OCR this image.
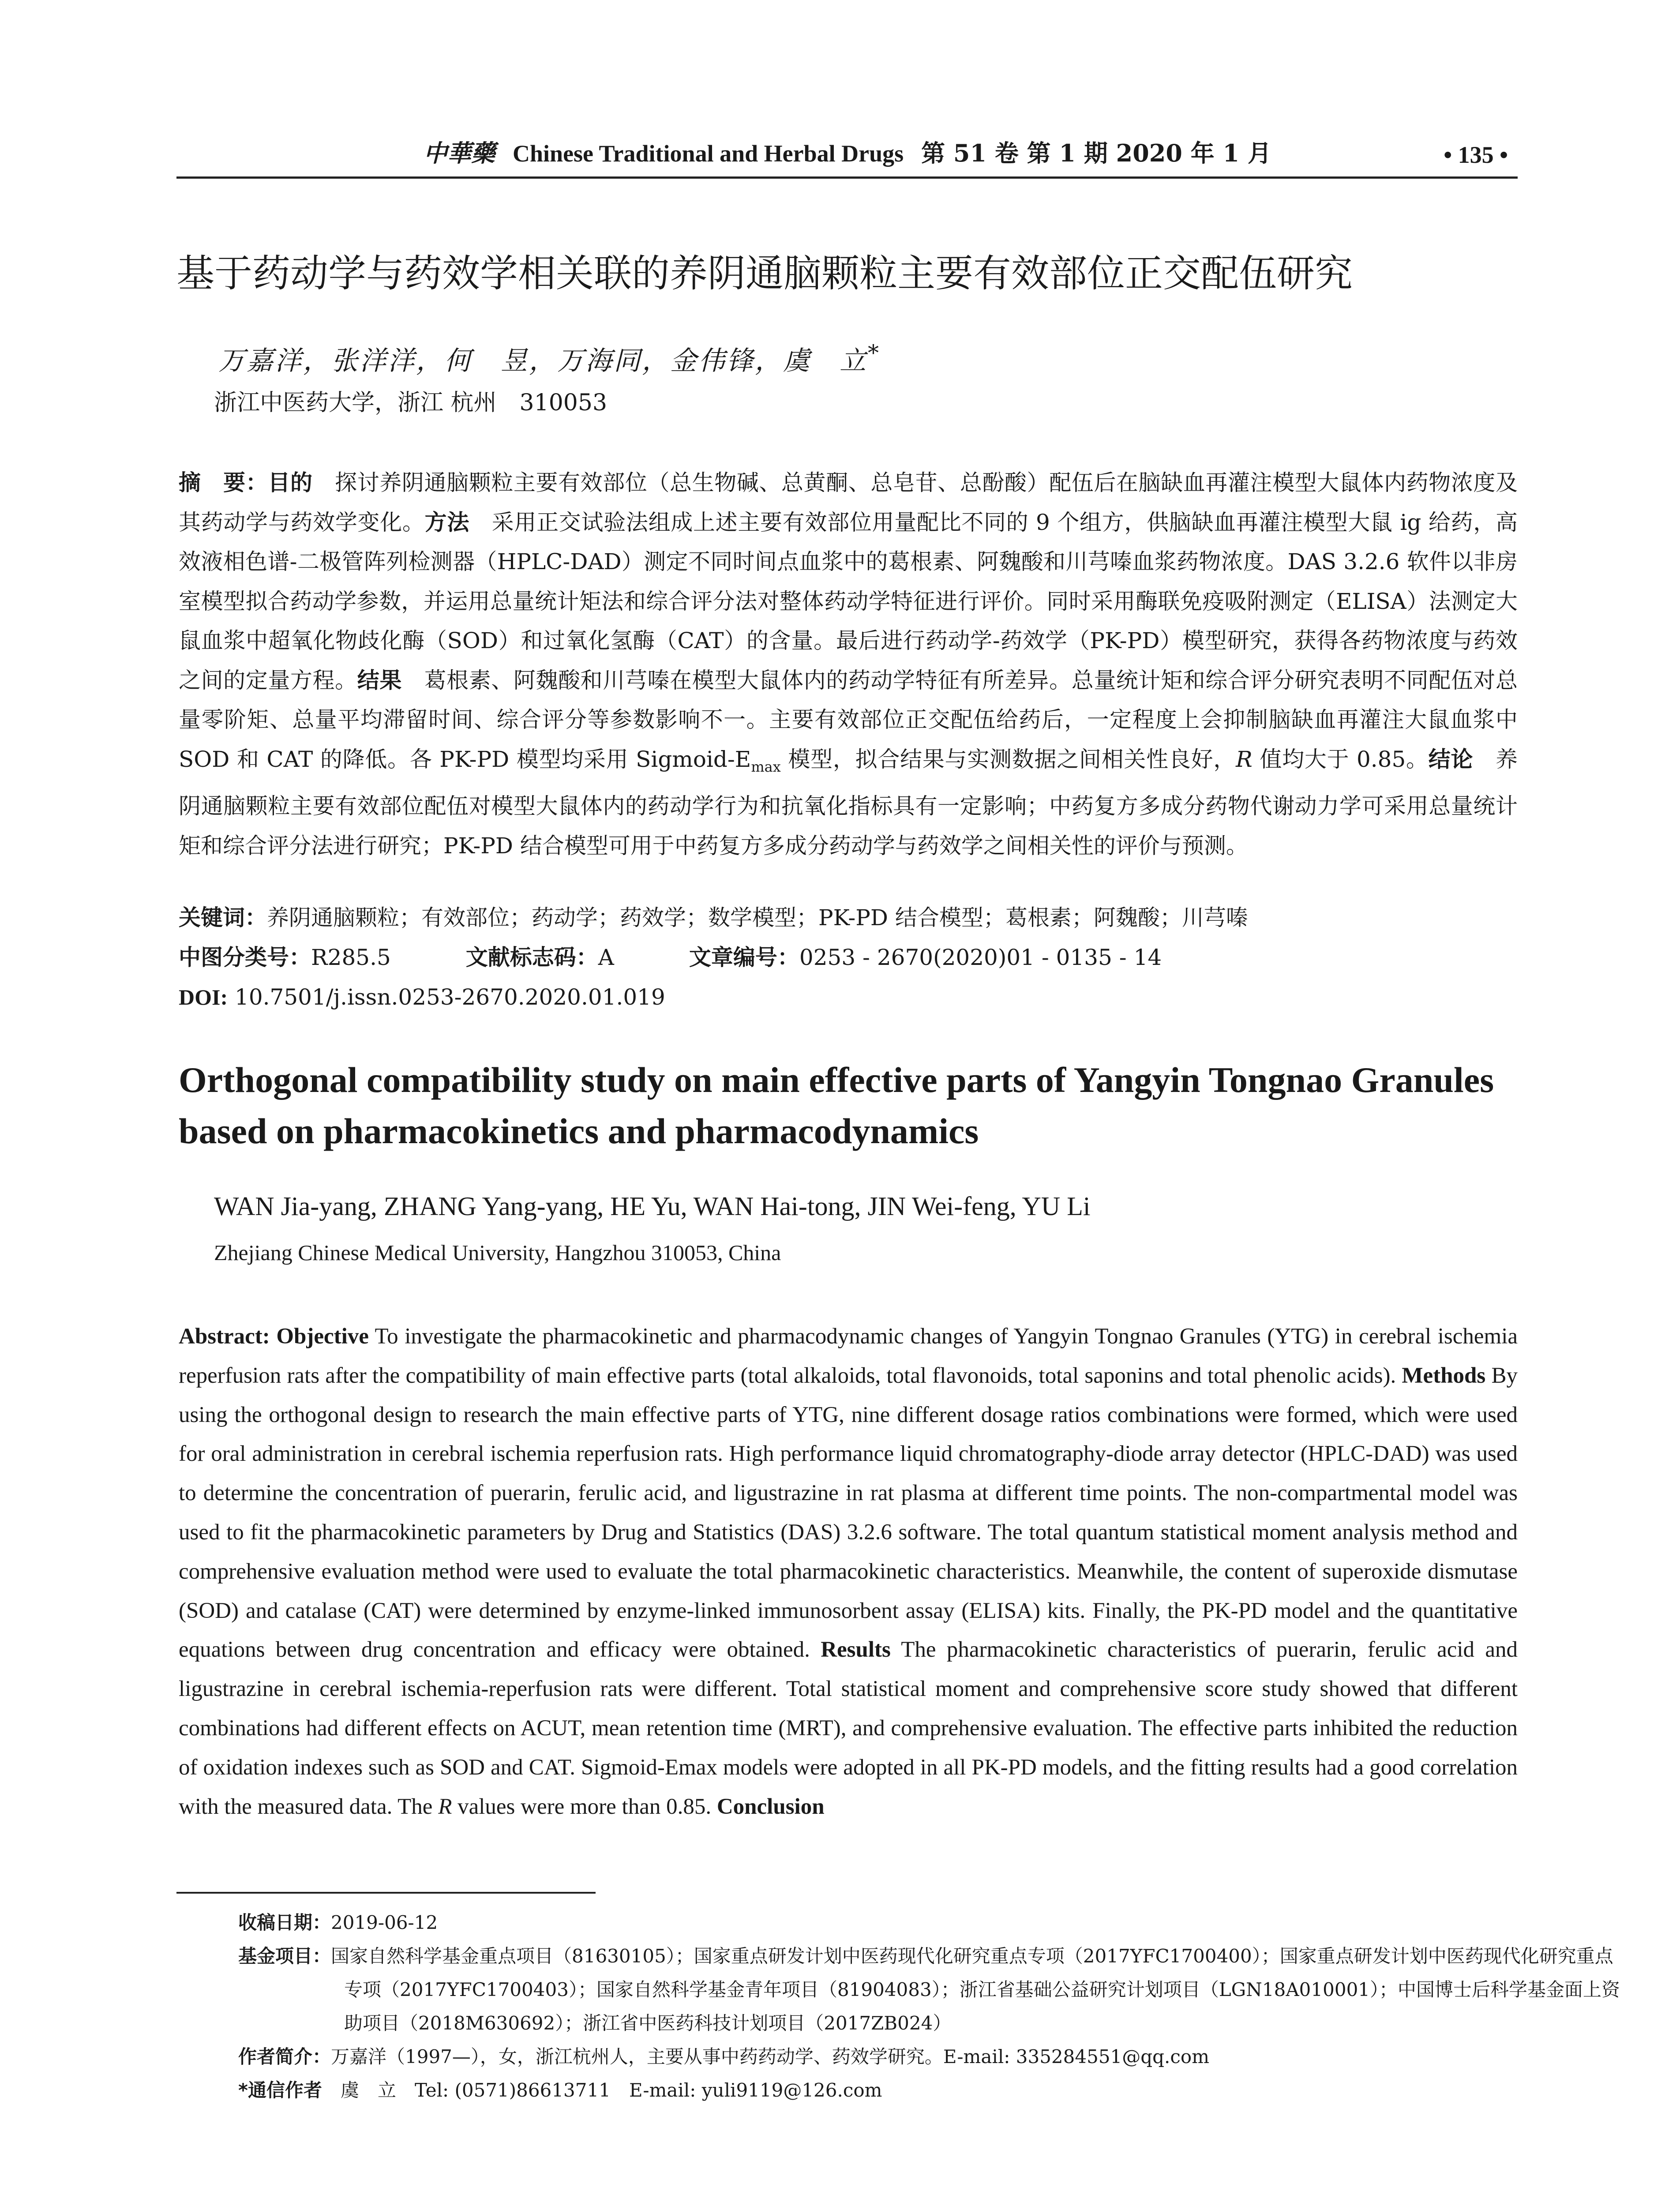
中華藥 Chinese Traditional and Herbal Drugs 第 51 卷 第 1 期 2020 年 1 月	• 135 •
基于药动学与药效学相关联的养阴通脑颗粒主要有效部位正交配伍研究
万嘉洋，张洋洋，何　昱，万海同，金伟锋，虞　立*
浙江中医药大学，浙江 杭州　310053
摘　要：目的　探讨养阴通脑颗粒主要有效部位（总生物碱、总黄酮、总皂苷、总酚酸）配伍后在脑缺血再灌注模型大鼠体内药物浓度及其药动学与药效学变化。方法　采用正交试验法组成上述主要有效部位用量配比不同的 9 个组方，供脑缺血再灌注模型大鼠 ig 给药，高效液相色谱-二极管阵列检测器（HPLC-DAD）测定不同时间点血浆中的葛根素、阿魏酸和川芎嗪血浆药物浓度。DAS 3.2.6 软件以非房室模型拟合药动学参数，并运用总量统计矩法和综合评分法对整体药动学特征进行评价。同时采用酶联免疫吸附测定（ELISA）法测定大鼠血浆中超氧化物歧化酶（SOD）和过氧化氢酶（CAT）的含量。最后进行药动学-药效学（PK-PD）模型研究，获得各药物浓度与药效之间的定量方程。结果　葛根素、阿魏酸和川芎嗪在模型大鼠体内的药动学特征有所差异。总量统计矩和综合评分研究表明不同配伍对总量零阶矩、总量平均滞留时间、综合评分等参数影响不一。主要有效部位正交配伍给药后，一定程度上会抑制脑缺血再灌注大鼠血浆中 SOD 和 CAT 的降低。各 PK-PD 模型均采用 Sigmoid-$E_{max}$ 模型，拟合结果与实测数据之间相关性良好，R 值均大于 0.85。结论　养阴通脑颗粒主要有效部位配伍对模型大鼠体内的药动学行为和抗氧化指标具有一定影响；中药复方多成分药物代谢动力学可采用总量统计矩和综合评分法进行研究；PK-PD 结合模型可用于中药复方多成分药动学与药效学之间相关性的评价与预测。
关键词：养阴通脑颗粒；有效部位；药动学；药效学；数学模型；PK-PD 结合模型；葛根素；阿魏酸；川芎嗪
中图分类号：R285.5	文献标志码：A	文章编号：0253 - 2670(2020)01 - 0135 - 14
DOI: 10.7501/j.issn.0253-2670.2020.01.019
Orthogonal compatibility study on main effective parts of Yangyin Tongnao Granules based on pharmacokinetics and pharmacodynamics
WAN Jia-yang, ZHANG Yang-yang, HE Yu, WAN Hai-tong, JIN Wei-feng, YU Li
Zhejiang Chinese Medical University, Hangzhou 310053, China
Abstract: Objective To investigate the pharmacokinetic and pharmacodynamic changes of Yangyin Tongnao Granules (YTG) in cerebral ischemia reperfusion rats after the compatibility of main effective parts (total alkaloids, total flavonoids, total saponins and total phenolic acids). Methods By using the orthogonal design to research the main effective parts of YTG, nine different dosage ratios combinations were formed, which were used for oral administration in cerebral ischemia reperfusion rats. High performance liquid chromatography-diode array detector (HPLC-DAD) was used to determine the concentration of puerarin, ferulic acid, and ligustrazine in rat plasma at different time points. The non-compartmental model was used to fit the pharmacokinetic parameters by Drug and Statistics (DAS) 3.2.6 software. The total quantum statistical moment analysis method and comprehensive evaluation method were used to evaluate the total pharmacokinetic characteristics. Meanwhile, the content of superoxide dismutase (SOD) and catalase (CAT) were determined by enzyme-linked immunosorbent assay (ELISA) kits. Finally, the PK-PD model and the quantitative equations between drug concentration and efficacy were obtained. Results The pharmacokinetic characteristics of puerarin, ferulic acid and ligustrazine in cerebral ischemia-reperfusion rats were different. Total statistical moment and comprehensive score study showed that different combinations had different effects on ACUT, mean retention time (MRT), and comprehensive evaluation. The effective parts inhibited the reduction of oxidation indexes such as SOD and CAT. Sigmoid-Emax models were adopted in all PK-PD models, and the fitting results had a good correlation with the measured data. The R values were more than 0.85. Conclusion
收稿日期：2019-06-12
基金项目：国家自然科学基金重点项目（81630105）；国家重点研发计划中医药现代化研究重点专项（2017YFC1700400）；国家重点研发计划中医药现代化研究重点专项（2017YFC1700403）；国家自然科学基金青年项目（81904083）；浙江省基础公益研究计划项目（LGN18A010001）；中国博士后科学基金面上资助项目（2018M630692）；浙江省中医药科技计划项目（2017ZB024）
作者简介：万嘉洋（1997—），女，浙江杭州人，主要从事中药药动学、药效学研究。E-mail: 335284551@qq.com
*通信作者　虞　立　Tel: (0571)86613711　E-mail: yuli9119@126.com
